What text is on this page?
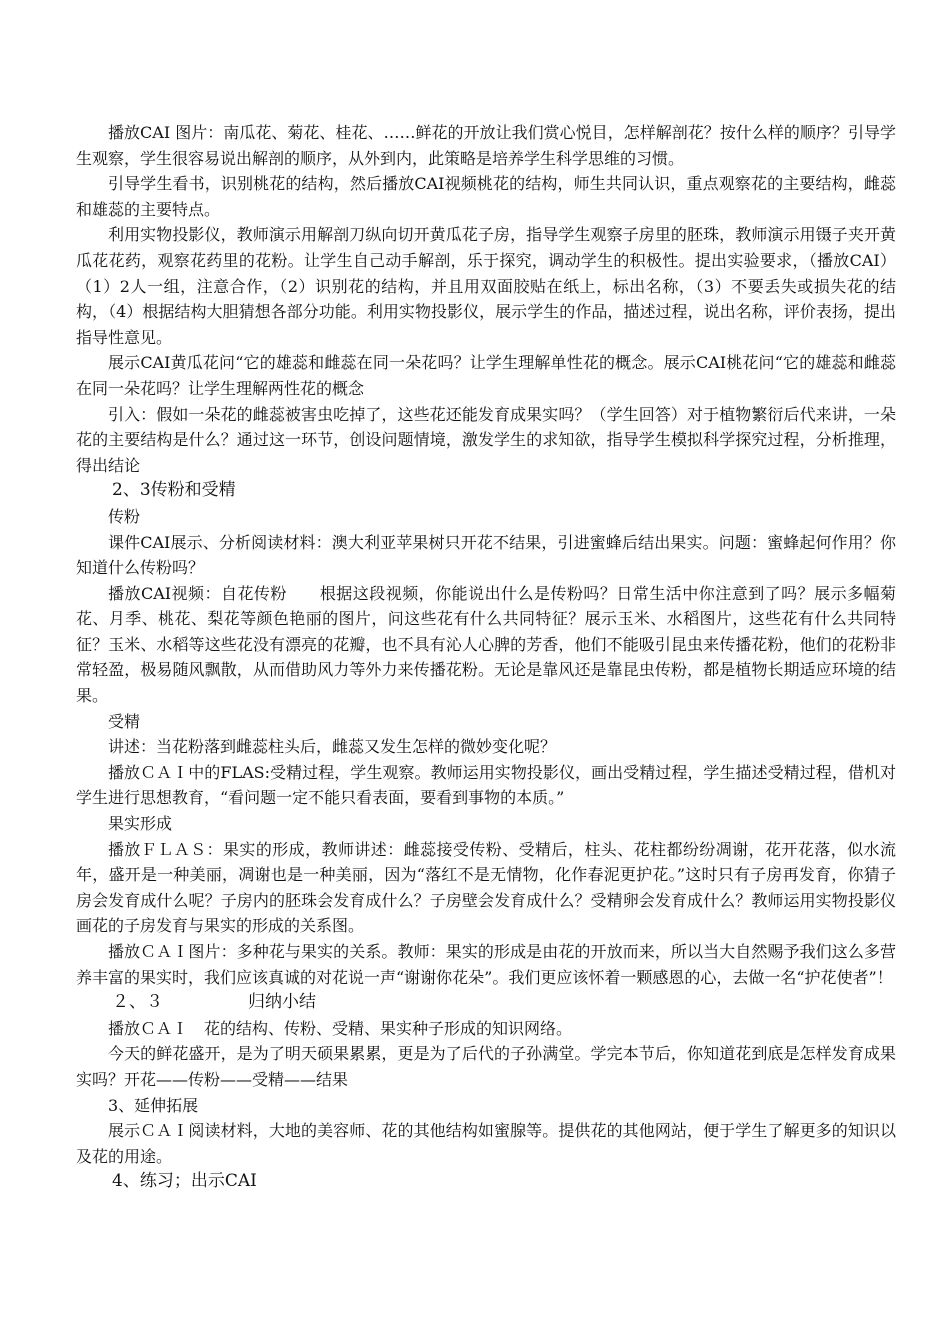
播放CAI 图片：南瓜花、菊花、桂花、……鲜花的开放让我们赏心悦目，怎样解剖花？按什么样的顺序？引导学生观察，学生很容易说出解剖的顺序，从外到内，此策略是培养学生科学思维的习惯。

引导学生看书，识别桃花的结构，然后播放CAI视频桃花的结构，师生共同认识，重点观察花的主要结构，雌蕊和雄蕊的主要特点。

利用实物投影仪，教师演示用解剖刀纵向切开黄瓜花子房，指导学生观察子房里的胚珠，教师演示用镊子夹开黄瓜花花药，观察花药里的花粉。让学生自己动手解剖，乐于探究，调动学生的积极性。提出实验要求，（播放CAI）（1）2人一组，注意合作，（2）识别花的结构，并且用双面胶贴在纸上，标出名称，（3）不要丢失或损失花的结构，（4）根据结构大胆猜想各部分功能。利用实物投影仪，展示学生的作品，描述过程，说出名称，评价表扬，提出指导性意见。

展示CAI黄瓜花问“它的雄蕊和雌蕊在同一朵花吗？让学生理解单性花的概念。展示CAI桃花问“它的雄蕊和雌蕊在同一朵花吗？让学生理解两性花的概念

引入：假如一朵花的雌蕊被害虫吃掉了，这些花还能发育成果实吗？（学生回答）对于植物繁衍后代来讲，一朵花的主要结构是什么？通过这一环节，创设问题情境，激发学生的求知欲，指导学生模拟科学探究过程，分析推理，得出结论

2、3传粉和受精

传粉

课件CAI展示、分析阅读材料：澳大利亚苹果树只开花不结果，引进蜜蜂后结出果实。问题：蜜蜂起何作用？你知道什么传粉吗？

播放CAI视频：自花传粉　　根据这段视频，你能说出什么是传粉吗？日常生活中你注意到了吗？展示多幅菊花、月季、桃花、梨花等颜色艳丽的图片，问这些花有什么共同特征？展示玉米、水稻图片，这些花有什么共同特征？玉米、水稻等这些花没有漂亮的花瓣，也不具有沁人心脾的芳香，他们不能吸引昆虫来传播花粉，他们的花粉非常轻盈，极易随风飘散，从而借助风力等外力来传播花粉。无论是靠风还是靠昆虫传粉，都是植物长期适应环境的结果。

受精

讲述：当花粉落到雌蕊柱头后，雌蕊又发生怎样的微妙变化呢？

播放ＣＡＩ中的FLAS:受精过程，学生观察。教师运用实物投影仪，画出受精过程，学生描述受精过程，借机对学生进行思想教育，“看问题一定不能只看表面，要看到事物的本质。”

果实形成

播放ＦＬＡＳ：果实的形成，教师讲述：雌蕊接受传粉、受精后，柱头、花柱都纷纷凋谢，花开花落，似水流年，盛开是一种美丽，凋谢也是一种美丽，因为“落红不是无情物，化作春泥更护花。”这时只有子房再发育，你猜子房会发育成什么呢？子房内的胚珠会发育成什么？子房壁会发育成什么？受精卵会发育成什么？教师运用实物投影仪画花的子房发育与果实的形成的关系图。

播放ＣＡＩ图片：多种花与果实的关系。教师：果实的形成是由花的开放而来，所以当大自然赐予我们这么多营养丰富的果实时，我们应该真诚的对花说一声“谢谢你花朵”。我们更应该怀着一颗感恩的心，去做一名“护花使者”！

２、３　　　　　归纳小结

播放ＣＡＩ　花的结构、传粉、受精、果实种子形成的知识网络。

今天的鲜花盛开，是为了明天硕果累累，更是为了后代的子孙满堂。学完本节后，你知道花到底是怎样发育成果实吗？开花——传粉——受精——结果

3、延伸拓展

展示ＣＡＩ阅读材料，大地的美容师、花的其他结构如蜜腺等。提供花的其他网站，便于学生了解更多的知识以及花的用途。

4、练习；出示CAI
